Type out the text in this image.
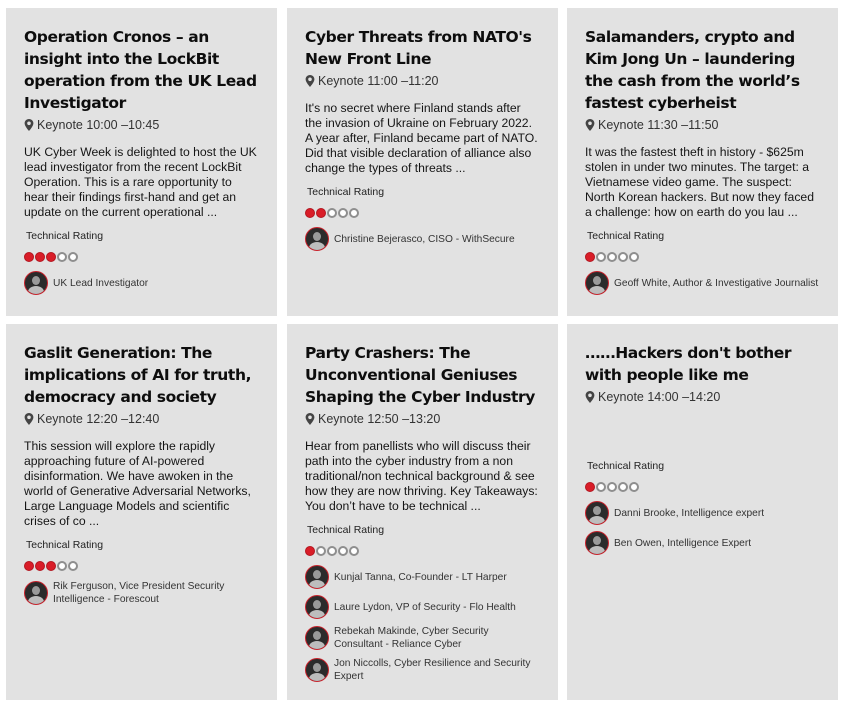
Operation Cronos – an insight into the LockBit operation from the UK Lead Investigator
Keynote 10:00 –10:45
UK Cyber Week is delighted to host the UK lead investigator from the recent LockBit Operation. This is a rare opportunity to hear their findings first-hand and get an update on the current operational ...
Technical Rating
UK Lead Investigator
Cyber Threats from NATO's New Front Line
Keynote 11:00 –11:20
It's no secret where Finland stands after the invasion of Ukraine on February 2022. A year after, Finland became part of NATO. Did that visible declaration of alliance also change the types of threats ...
Technical Rating
Christine Bejerasco, CISO - WithSecure
Salamanders, crypto and Kim Jong Un – laundering the cash from the world’s fastest cyberheist
Keynote 11:30 –11:50
It was the fastest theft in history - $625m stolen in under two minutes. The target: a Vietnamese video game. The suspect: North Korean hackers. But now they faced a challenge: how on earth do you lau ...
Technical Rating
Geoff White, Author & Investigative Journalist
Gaslit Generation: The implications of AI for truth, democracy and society
Keynote 12:20 –12:40
This session will explore the rapidly approaching future of AI-powered disinformation. We have awoken in the world of Generative Adversarial Networks, Large Language Models and scientific crises of co ...
Technical Rating
Rik Ferguson, Vice President Security Intelligence - Forescout
Party Crashers: The Unconventional Geniuses Shaping the Cyber Industry
Keynote 12:50 –13:20
Hear from panellists who will discuss their path into the cyber industry from a non traditional/non technical background & see how they are now thriving. Key Takeaways: You don’t have to be technical ...
Technical Rating
Kunjal Tanna, Co-Founder - LT Harper
Laure Lydon, VP of Security - Flo Health
Rebekah Makinde, Cyber Security Consultant - Reliance Cyber
Jon Niccolls, Cyber Resilience and Security Expert
……Hackers don't bother with people like me
Keynote 14:00 –14:20
Technical Rating
Danni Brooke, Intelligence expert
Ben Owen, Intelligence Expert
